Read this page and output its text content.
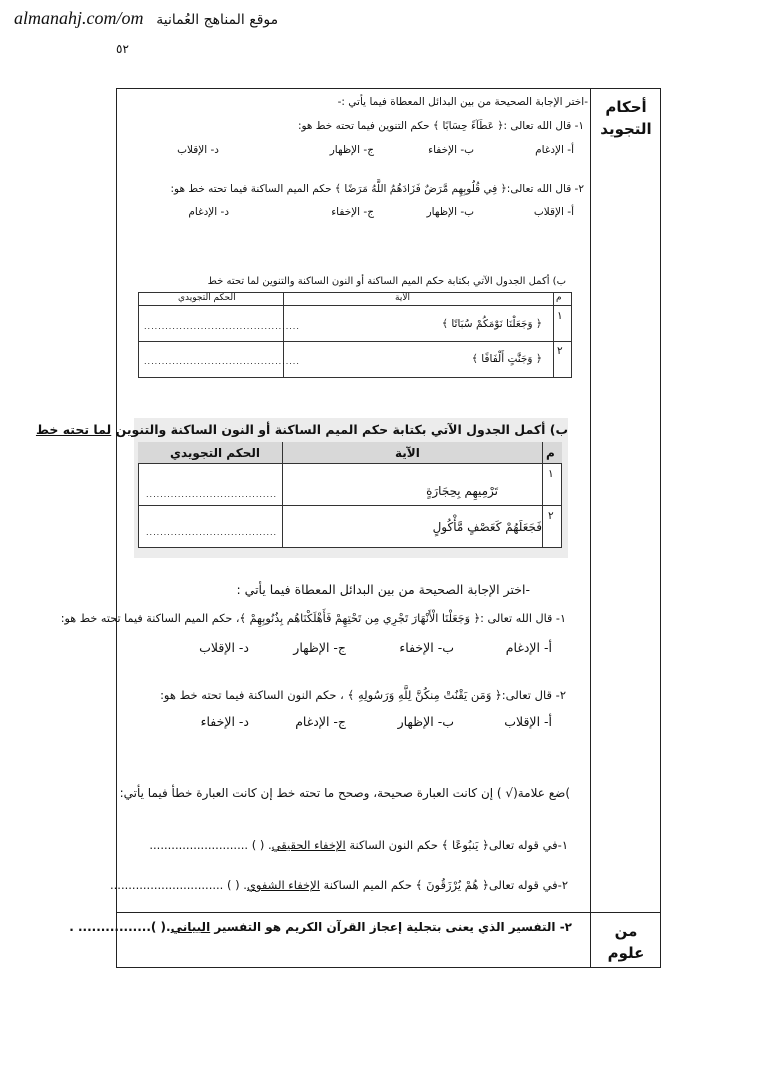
almanahj.com/om موقع المناهج العُمانية
٥٢
أحكام
التجويد
من
علوم
-اختر الإجابة الصحيحة من بين البدائل المعطاة فيما يأتي :-
١- قال الله تعالى :﴿ عَطَآءً حِسَابًا ﴾ حكم التنوين فيما تحته خط هو:
أ- الإدغام
ب- الإخفاء
ج- الإظهار
د- الإقلاب
٢- قال الله تعالى:﴿ فِي قُلُوبِهِم مَّرَضٌ فَزَادَهُمُ اللَّهُ مَرَضًا ﴾ حكم الميم الساكنة فيما تحته خط هو:
أ- الإقلاب
ب- الإظهار
ج- الإخفاء
د- الإدغام
ب) أكمل الجدول الآتي بكتابة حكم الميم الساكنة أو النون الساكنة والتنوين لما تحته خط
م
الآية
الحكم التجويدي
١
﴿ وَجَعَلْنَا نَوْمَكُمْ سُبَاتًا ﴾
............................................
٢
﴿ وَجَنَّٰتٍ أَلْفَافًا ﴾
............................................
ب) أكمل الجدول الآتي بكتابة حكم الميم الساكنة أو النون الساكنة والتنوين لما تحته خط
م
الآية
الحكم التجويدي
١
تَرْمِيهِم بِحِجَارَةٍ
.....................................
٢
فَجَعَلَهُمْ كَعَصْفٍ مَّأْكُولٍ
.....................................
-اختر الإجابة الصحيحة من بين البدائل المعطاة فيما يأتي :
١- قال الله تعالى :﴿ وَجَعَلْنَا الْأَنْهَارَ تَجْرِي مِن تَحْتِهِمْ فَأَهْلَكْنَاهُم بِذُنُوبِهِمْ ﴾، حكم الميم الساكنة فيما تحته خط هو:
أ- الإدغام
ب- الإخفاء
ج- الإظهار
د- الإقلاب
٢- قال تعالى:﴿ وَمَن يَقْنُتْ مِنكُنَّ لِلَّهِ وَرَسُولِهِ ﴾ ، حكم النون الساكنة فيما تحته خط هو:
أ- الإقلاب
ب- الإظهار
ج- الإدغام
د- الإخفاء
)ضع علامة(√ ) إن كانت العبارة صحيحة، وصحح ما تحته خط إن كانت العبارة خطأ فيما يأتي:
١-في قوله تعالى﴿ يَنبُوعًا ﴾ حكم النون الساكنة الإخفاء الحقيقي. ( ) ...........................
٢-في قوله تعالى﴿ هُمْ يُرْزَقُونَ ﴾ حكم الميم الساكنة الإخفاء الشفوي. ( ) ...............................
٢- التفسير الذي يعنى بتجلية إعجاز القرآن الكريم هو التفسير البياني.( )................ .
